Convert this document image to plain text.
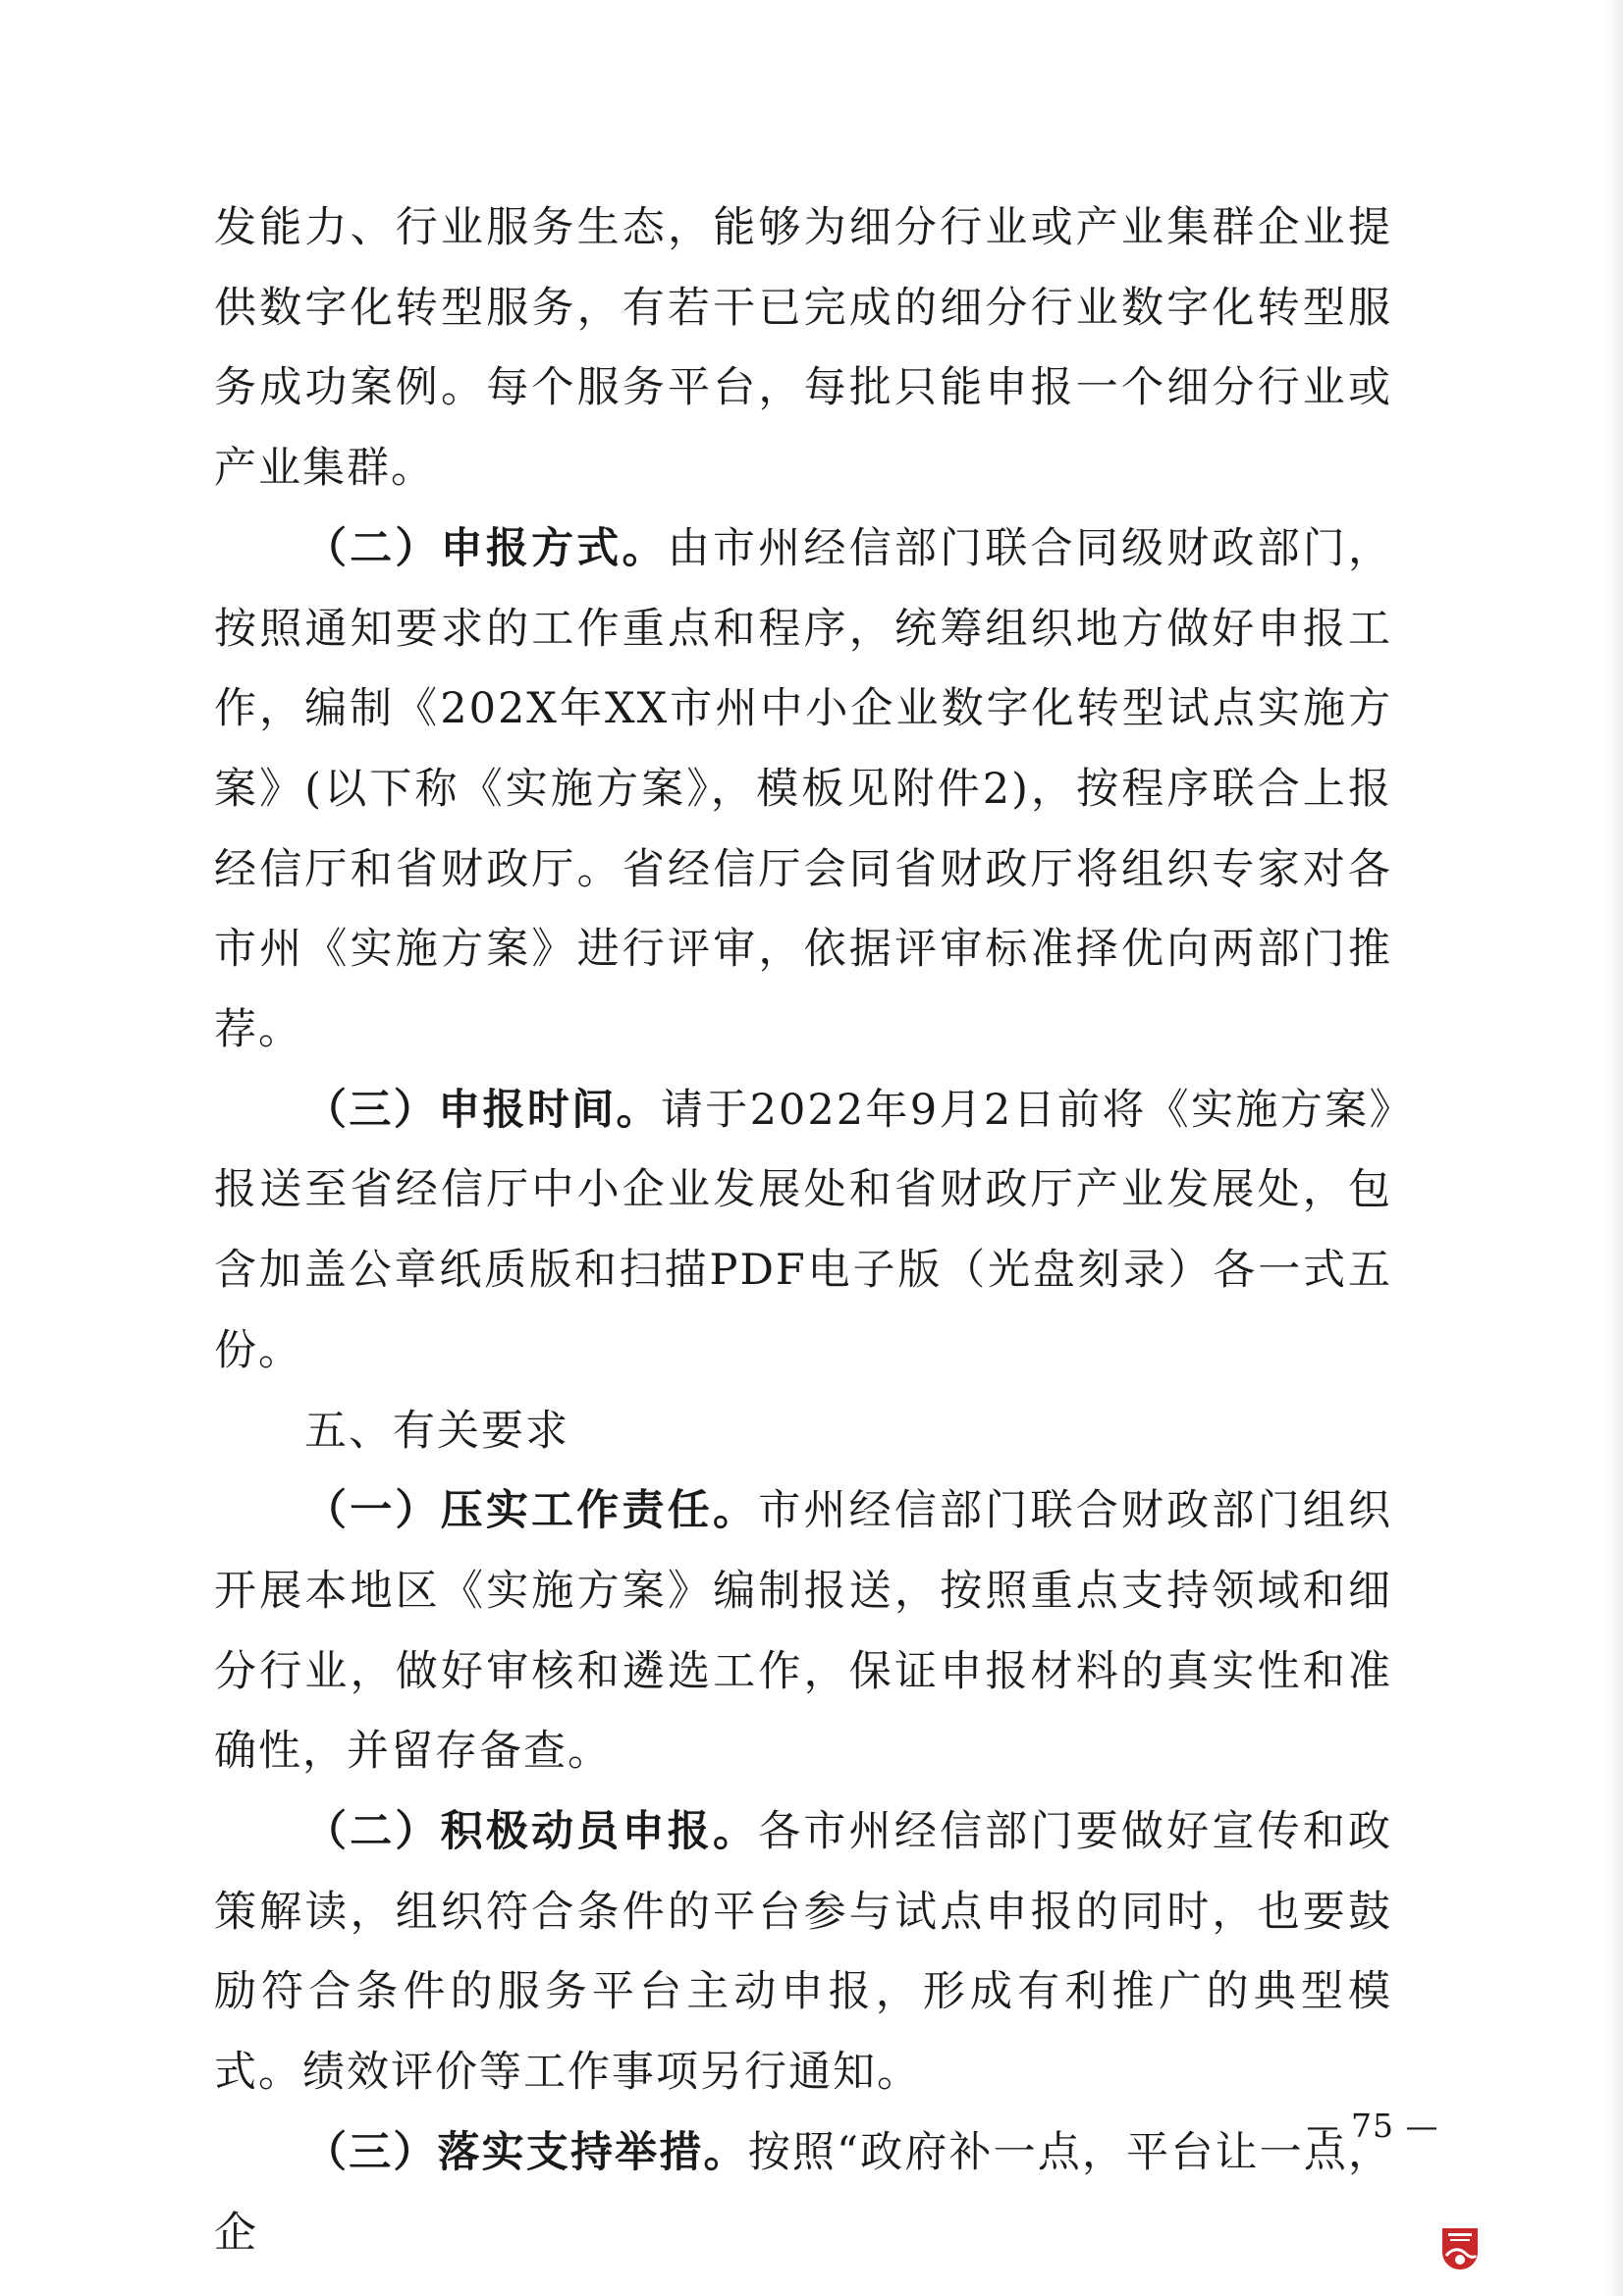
发能力、行业服务生态，能够为细分行业或产业集群企业提供数字化转型服务，有若干已完成的细分行业数字化转型服务成功案例。每个服务平台，每批只能申报一个细分行业或产业集群。

（二）申报方式。由市州经信部门联合同级财政部门，按照通知要求的工作重点和程序，统筹组织地方做好申报工作，编制《202X年XX市州中小企业数字化转型试点实施方案》(以下称《实施方案》，模板见附件2)，按程序联合上报经信厅和省财政厅。省经信厅会同省财政厅将组织专家对各市州《实施方案》进行评审，依据评审标准择优向两部门推荐。

（三）申报时间。请于2022年9月2日前将《实施方案》报送至省经信厅中小企业发展处和省财政厅产业发展处，包含加盖公章纸质版和扫描PDF电子版（光盘刻录）各一式五份。

五、有关要求

（一）压实工作责任。市州经信部门联合财政部门组织开展本地区《实施方案》编制报送，按照重点支持领域和细分行业，做好审核和遴选工作，保证申报材料的真实性和准确性，并留存备查。

（二）积极动员申报。各市州经信部门要做好宣传和政策解读，组织符合条件的平台参与试点申报的同时，也要鼓励符合条件的服务平台主动申报，形成有利推广的典型模式。绩效评价等工作事项另行通知。

（三）落实支持举措。按照“政府补一点，平台让一点，企

— 75 —
